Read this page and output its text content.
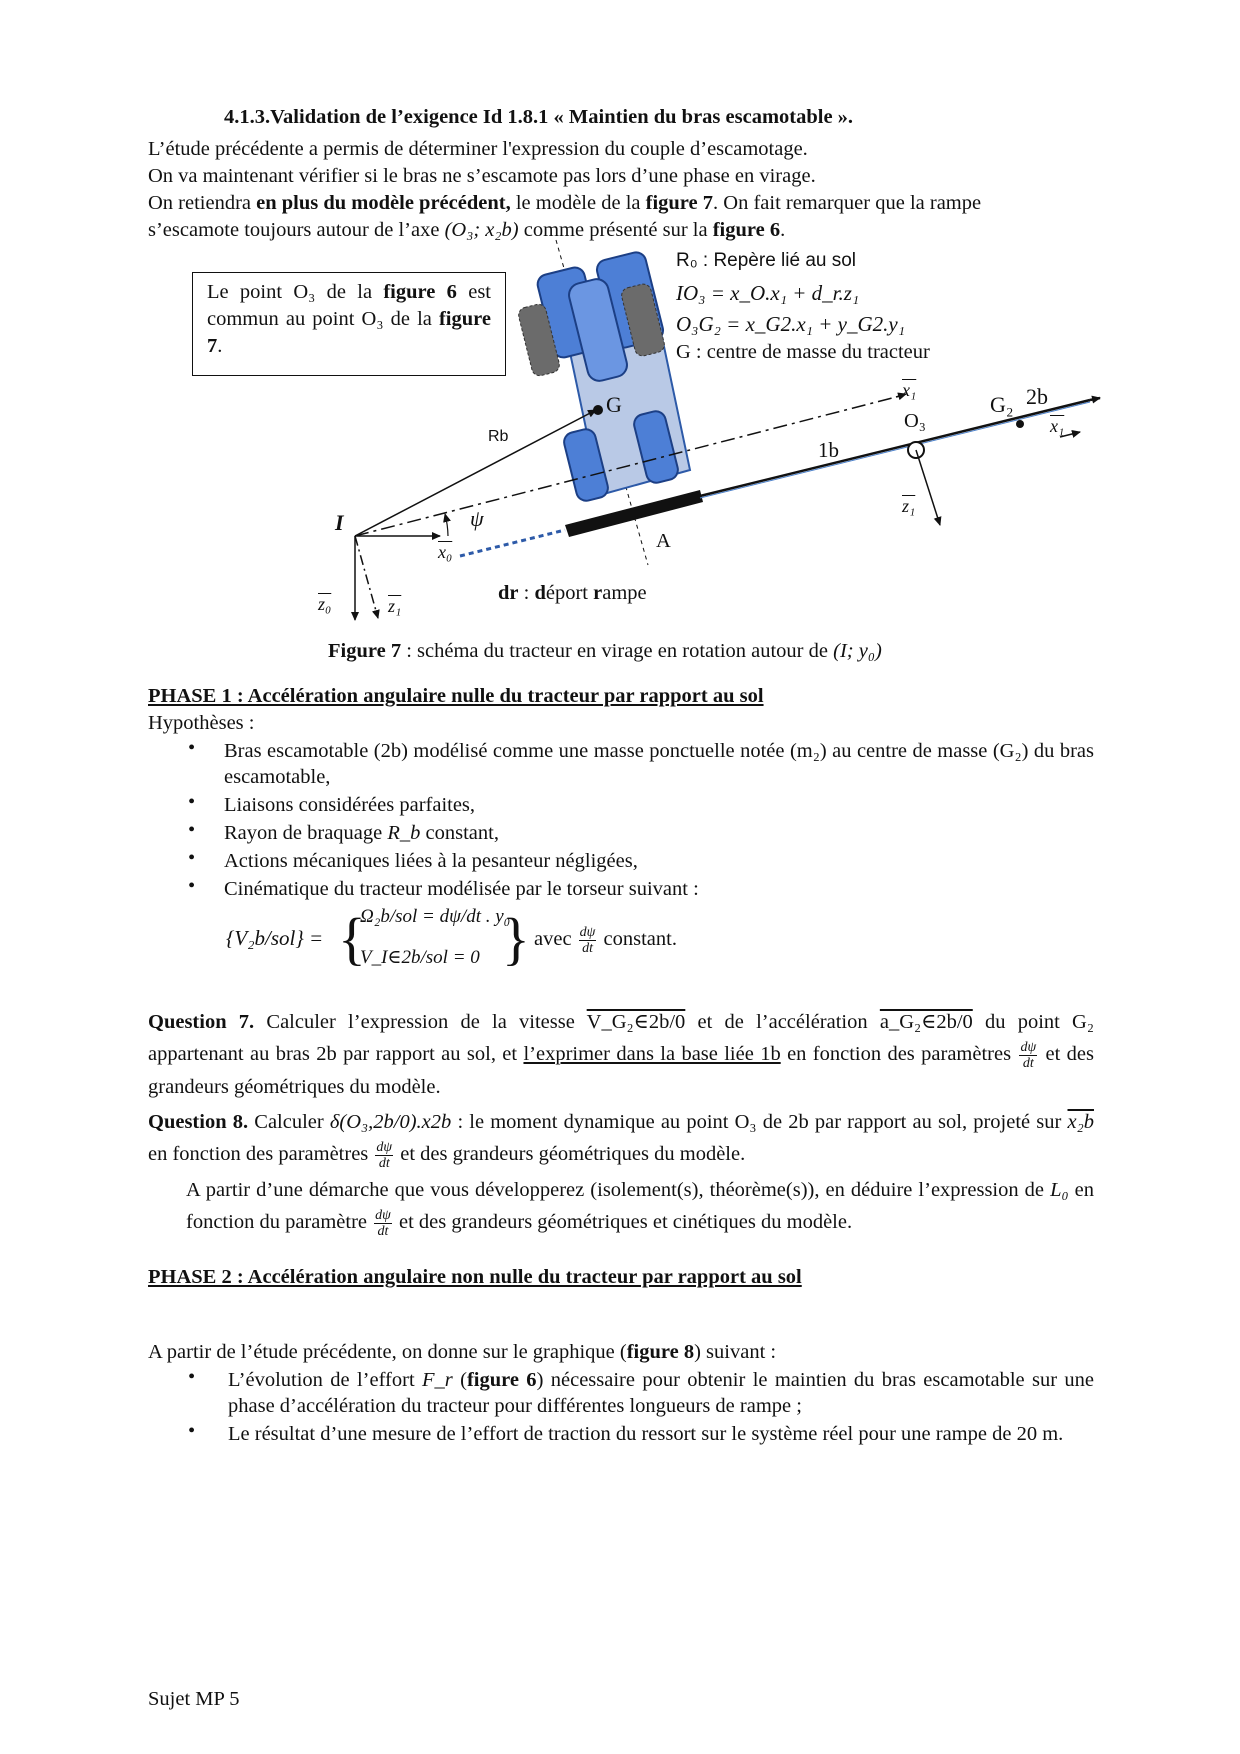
4.1.3.Validation de l’exigence Id 1.8.1 « Maintien du bras escamotable ».
L’étude précédente a permis de déterminer l'expression du couple d’escamotage.
On va maintenant vérifier si le bras ne s’escamote pas lors d’une phase en virage.
On retiendra en plus du modèle précédent, le modèle de la figure 7. On fait remarquer que la rampe
s’escamote toujours autour de l’axe (O₃; x₂b) comme présenté sur la figure 6.
Le point O₃ de la figure 6 est commun au point O₃ de la figure 7.
R₀ : Repère lié au sol
IO₃ = x_O.x₁ + d_r.z₁
O₃G₂ = x_G2.x₁ + y_G2.y₁
G : centre de masse du tracteur
G
Rb
I	ψ
x₀
z₀	z₁
A
1b
x₁
O₃
G₂ 2b
x₁
z₁
dr : déport rampe
Figure 7 : schéma du tracteur en virage en rotation autour de (I; y₀)
PHASE 1 : Accélération angulaire nulle du tracteur par rapport au sol
Hypothèses :
• Bras escamotable (2b) modélisé comme une masse ponctuelle notée (m₂) au centre de masse (G₂) du bras escamotable,
• Liaisons considérées parfaites,
• Rayon de braquage R_b constant,
• Actions mécaniques liées à la pesanteur négligées,
• Cinématique du tracteur modélisée par le torseur suivant :
{V₂b/sol} = {
Ω₂b/sol = dψ/dt . y₀
V_I∈2b/sol = 0 } avec $\frac{d\psi}{dt}$ constant.
Question 7. Calculer l’expression de la vitesse V_G₂∈2b/0 et de l’accélération a_G₂∈2b/0 du point G₂ appartenant au bras 2b par rapport au sol, et l’exprimer dans la base liée 1b en fonction des paramètres $\frac{d\psi}{dt}$ et des grandeurs géométriques du modèle.
Question 8. Calculer δ(O₃,2b/0).x2b : le moment dynamique au point O₃ de 2b par rapport au sol, projeté sur x₂b en fonction des paramètres $\frac{d\psi}{dt}$ et des grandeurs géométriques du modèle.
A partir d’une démarche que vous développerez (isolement(s), théorème(s)), en déduire l’expression de L₀ en fonction du paramètre $\frac{d\psi}{dt}$ et des grandeurs géométriques et cinétiques du modèle.
PHASE 2 : Accélération angulaire non nulle du tracteur par rapport au sol
A partir de l’étude précédente, on donne sur le graphique (figure 8) suivant :
• L’évolution de l’effort F_r (figure 6) nécessaire pour obtenir le maintien du bras escamotable sur une phase d’accélération du tracteur pour différentes longueurs de rampe ;
• Le résultat d’une mesure de l’effort de traction du ressort sur le système réel pour une rampe de 20 m.
Sujet MP 5
